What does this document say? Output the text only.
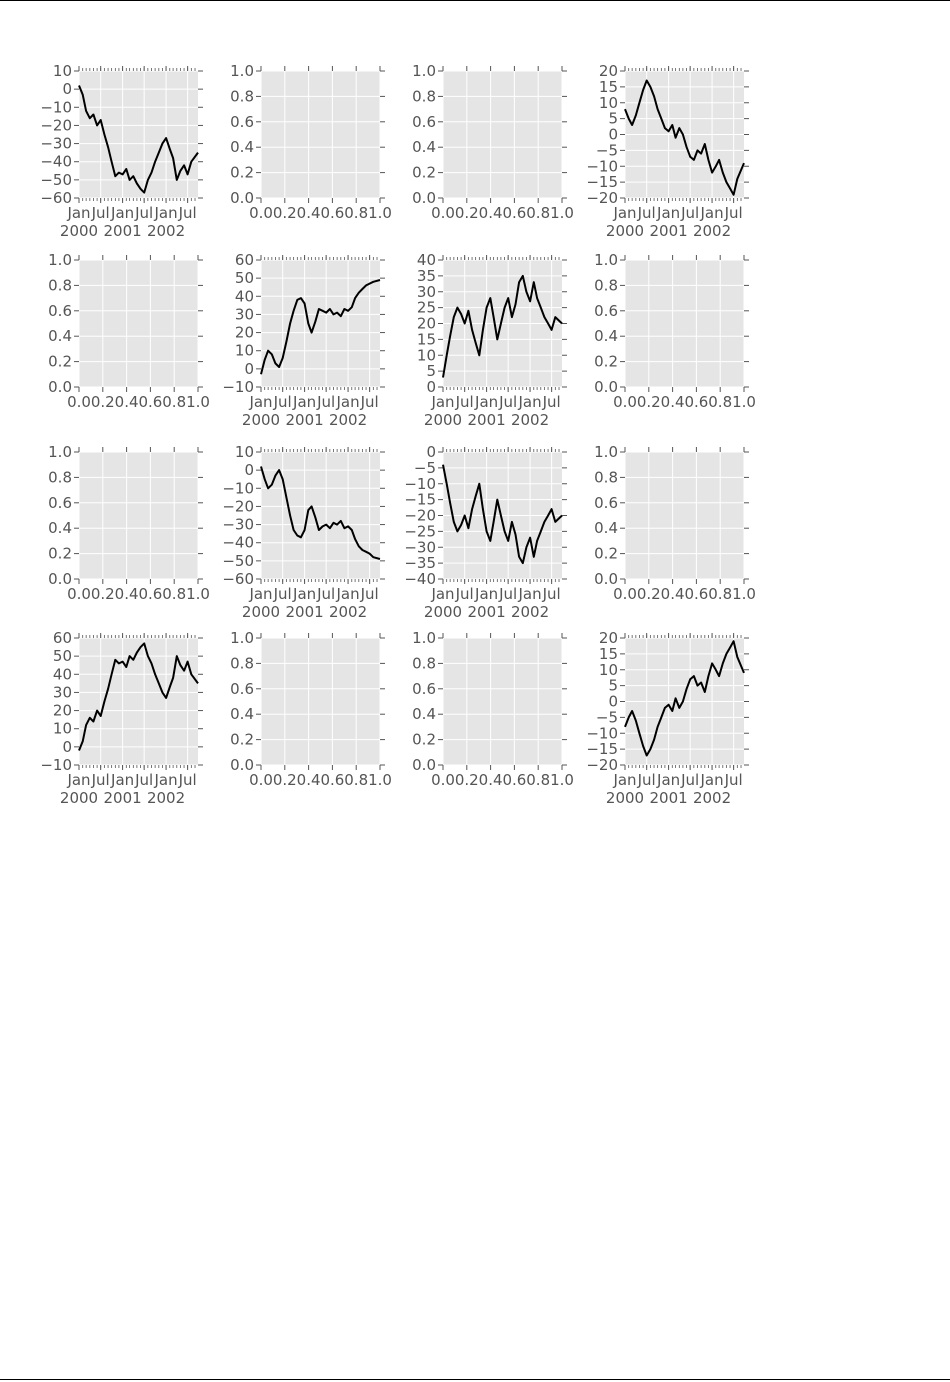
10
0
−10
−20
−30
−40
−50
−60
Jan 2000
Jul Jan 2001
Jul Jan 2002
Jul
1.0
0.8
0.6
0.4
0.2
0.0
0.0 0.2 0.4 0.6 0.8 1.0
1.0
0.8
0.6
0.4
0.2
0.0
0.0 0.2 0.4 0.6 0.8 1.0
20
15
10
5
0
−5
−10
−15
−20
Jan 2000
Jul Jan 2001
Jul Jan 2002
Jul
1.0
0.8
0.6
0.4
0.2
0.0
0.0 0.2 0.4 0.6 0.8 1.0
60
50
40
30
20
10
0
−10
Jan 2000
Jul Jan 2001
Jul Jan 2002
Jul
40
35
30
25
20
15
10
5
0
Jan 2000
Jul Jan 2001
Jul Jan 2002
Jul
1.0
0.8
0.6
0.4
0.2
0.0
0.0 0.2 0.4 0.6 0.8 1.0
1.0
0.8
0.6
0.4
0.2
0.0
0.0 0.2 0.4 0.6 0.8 1.0
10
0
−10
−20
−30
−40
−50
−60
Jan 2000
Jul Jan 2001
Jul Jan 2002
Jul
0
−5
−10
−15
−20
−25
−30
−35
−40
Jan 2000
Jul Jan 2001
Jul Jan 2002
Jul
1.0
0.8
0.6
0.4
0.2
0.0
0.0 0.2 0.4 0.6 0.8 1.0
60
50
40
30
20
10
0
−10
Jan 2000
Jul Jan 2001
Jul Jan 2002
Jul
1.0
0.8
0.6
0.4
0.2
0.0
0.0 0.2 0.4 0.6 0.8 1.0
1.0
0.8
0.6
0.4
0.2
0.0
0.0 0.2 0.4 0.6 0.8 1.0
20
15
10
5
0
−5
−10
−15
−20
Jan 2000
Jul Jan 2001
Jul Jan 2002
Jul
